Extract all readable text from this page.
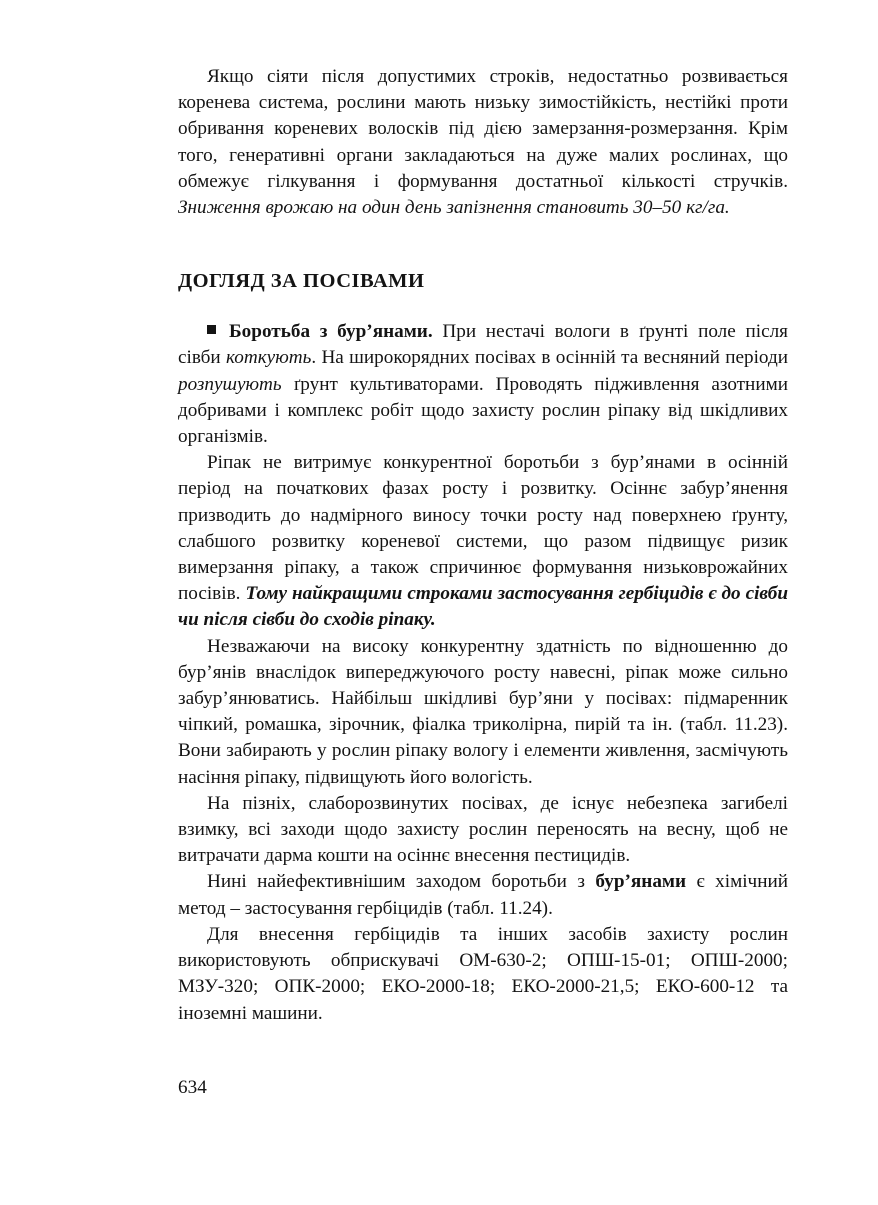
Якщо сіяти після допустимих строків, недостатньо розвивається коренева система, рослини мають низьку зимостійкість, нестійкі проти обривання кореневих волосків під дією замерзання-розмерзання. Крім того, генеративні органи закладаються на дуже малих рослинах, що обмежує гілкування і формування достатньої кількості стручків. Зниження врожаю на один день запізнення становить 30–50 кг/га.

ДОГЛЯД ЗА ПОСІВАМИ

Боротьба з бур’янами. При нестачі вологи в ґрунті поле після сівби коткують. На широкорядних посівах в осінній та весняний періоди розпушують ґрунт культиваторами. Проводять підживлення азотними добривами і комплекс робіт щодо захисту рослин ріпаку від шкідливих організмів.

Ріпак не витримує конкурентної боротьби з бур’янами в осінній період на початкових фазах росту і розвитку. Осіннє забур’янення призводить до надмірного виносу точки росту над поверхнею ґрунту, слабшого розвитку кореневої системи, що разом підвищує ризик вимерзання ріпаку, а також спричинює формування низьковрожайних посівів. Тому найкращими строками застосування гербіцидів є до сівби чи після сівби до сходів ріпаку.

Незважаючи на високу конкурентну здатність по відношенню до бур’янів внаслідок випереджуючого росту навесні, ріпак може сильно забур’янюватись. Найбільш шкідливі бур’яни у посівах: підмаренник чіпкий, ромашка, зірочник, фіалка триколірна, пирій та ін. (табл. 11.23). Вони забирають у рослин ріпаку вологу і елементи живлення, засмічують насіння ріпаку, підвищують його вологість.

На пізніх, слаборозвинутих посівах, де існує небезпека загибелі взимку, всі заходи щодо захисту рослин переносять на весну, щоб не витрачати дарма кошти на осіннє внесення пестицидів.

Нині найефективнішим заходом боротьби з бур’янами є хімічний метод – застосування гербіцидів (табл. 11.24).

Для внесення гербіцидів та інших засобів захисту рослин використовують обприскувачі ОМ-630-2; ОПШ-15-01; ОПШ-2000; МЗУ-320; ОПК-2000; ЕКО-2000-18; ЕКО-2000-21,5; ЕКО-600-12 та іноземні машини.

634
